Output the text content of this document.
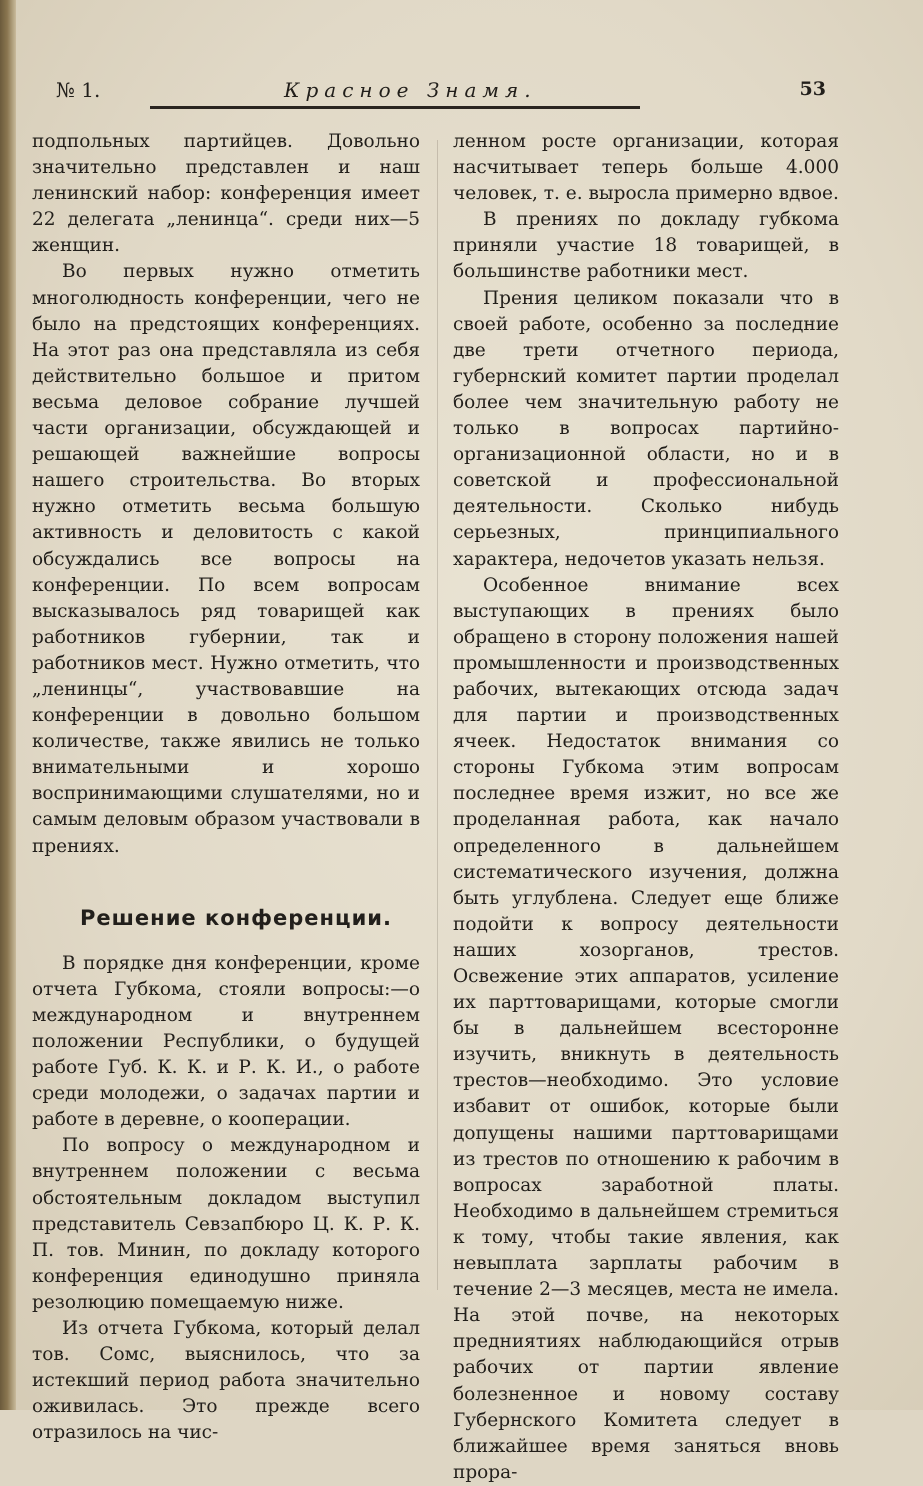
№ 1.	Красное Знамя.	53

подпольных партийцев. Довольно значительно представлен и наш ленинский набор: конференция имеет 22 делегата „ленинца“. среди них—5 женщин.

Во первых нужно отметить многолюдность конференции, чего не было на предстоящих конференциях. На этот раз она представляла из себя действительно большое и притом весьма деловое собрание лучшей части организации, обсуждающей и решающей важнейшие вопросы нашего строительства. Во вторых нужно отметить весьма большую активность и деловитость с какой обсуждались все вопросы на конференции. По всем вопросам высказывалось ряд товарищей как работников губернии, так и работников мест. Нужно отметить, что „ленинцы“, участвовавшие на конференции в довольно большом количестве, также явились не только внимательными и хорошо воспринимающими слушателями, но и самым деловым образом участвовали в прениях.

Решение конференции.

В порядке дня конференции, кроме отчета Губкома, стояли вопросы:—о международном и внутреннем положении Республики, о будущей работе Губ. К. К. и Р. К. И., о работе среди молодежи, о задачах партии и работе в деревне, о кооперации.

По вопросу о международном и внутреннем положении с весьма обстоятельным докладом выступил представитель Севзапбюро Ц. К. Р. К. П. тов. Минин, по докладу которого конференция единодушно приняла резолюцию помещаемую ниже.

Из отчета Губкома, который делал тов. Сомс, выяснилось, что за истекший период работа значительно оживилась. Это прежде всего отразилось на чис-

ленном росте организации, которая насчитывает теперь больше 4.000 человек, т. е. выросла примерно вдвое.

В прениях по докладу губкома приняли участие 18 товарищей, в большинстве работники мест.

Прения целиком показали что в своей работе, особенно за последние две трети отчетного периода, губернский комитет партии проделал более чем значительную работу не только в вопросах партийно-организационной области, но и в советской и профессиональной деятельности. Сколько нибудь серьезных, принципиального характера, недочетов указать нельзя.

Особенное внимание всех выступающих в прениях было обращено в сторону положения нашей промышленности и производственных рабочих, вытекающих отсюда задач для партии и производственных ячеек. Недостаток внимания со стороны Губкома этим вопросам последнее время изжит, но все же проделанная работа, как начало определенного в дальнейшем систематического изучения, должна быть углублена. Следует еще ближе подойти к вопросу деятельности наших хозорганов, трестов. Освежение этих аппаратов, усиление их парттоварищами, которые смогли бы в дальнейшем всесторонне изучить, вникнуть в деятельность трестов—необходимо. Это условие избавит от ошибок, которые были допущены нашими парттоварищами из трестов по отношению к рабочим в вопросах заработной платы. Необходимо в дальнейшем стремиться к тому, чтобы такие явления, как невыплата зарплаты рабочим в течение 2—3 месяцев, места не имела. На этой почве, на некоторых предниятиях наблюдающийся отрыв рабочих от партии явление болезненное и новому составу Губернского Комитета следует в ближайшее время заняться вновь прора-
